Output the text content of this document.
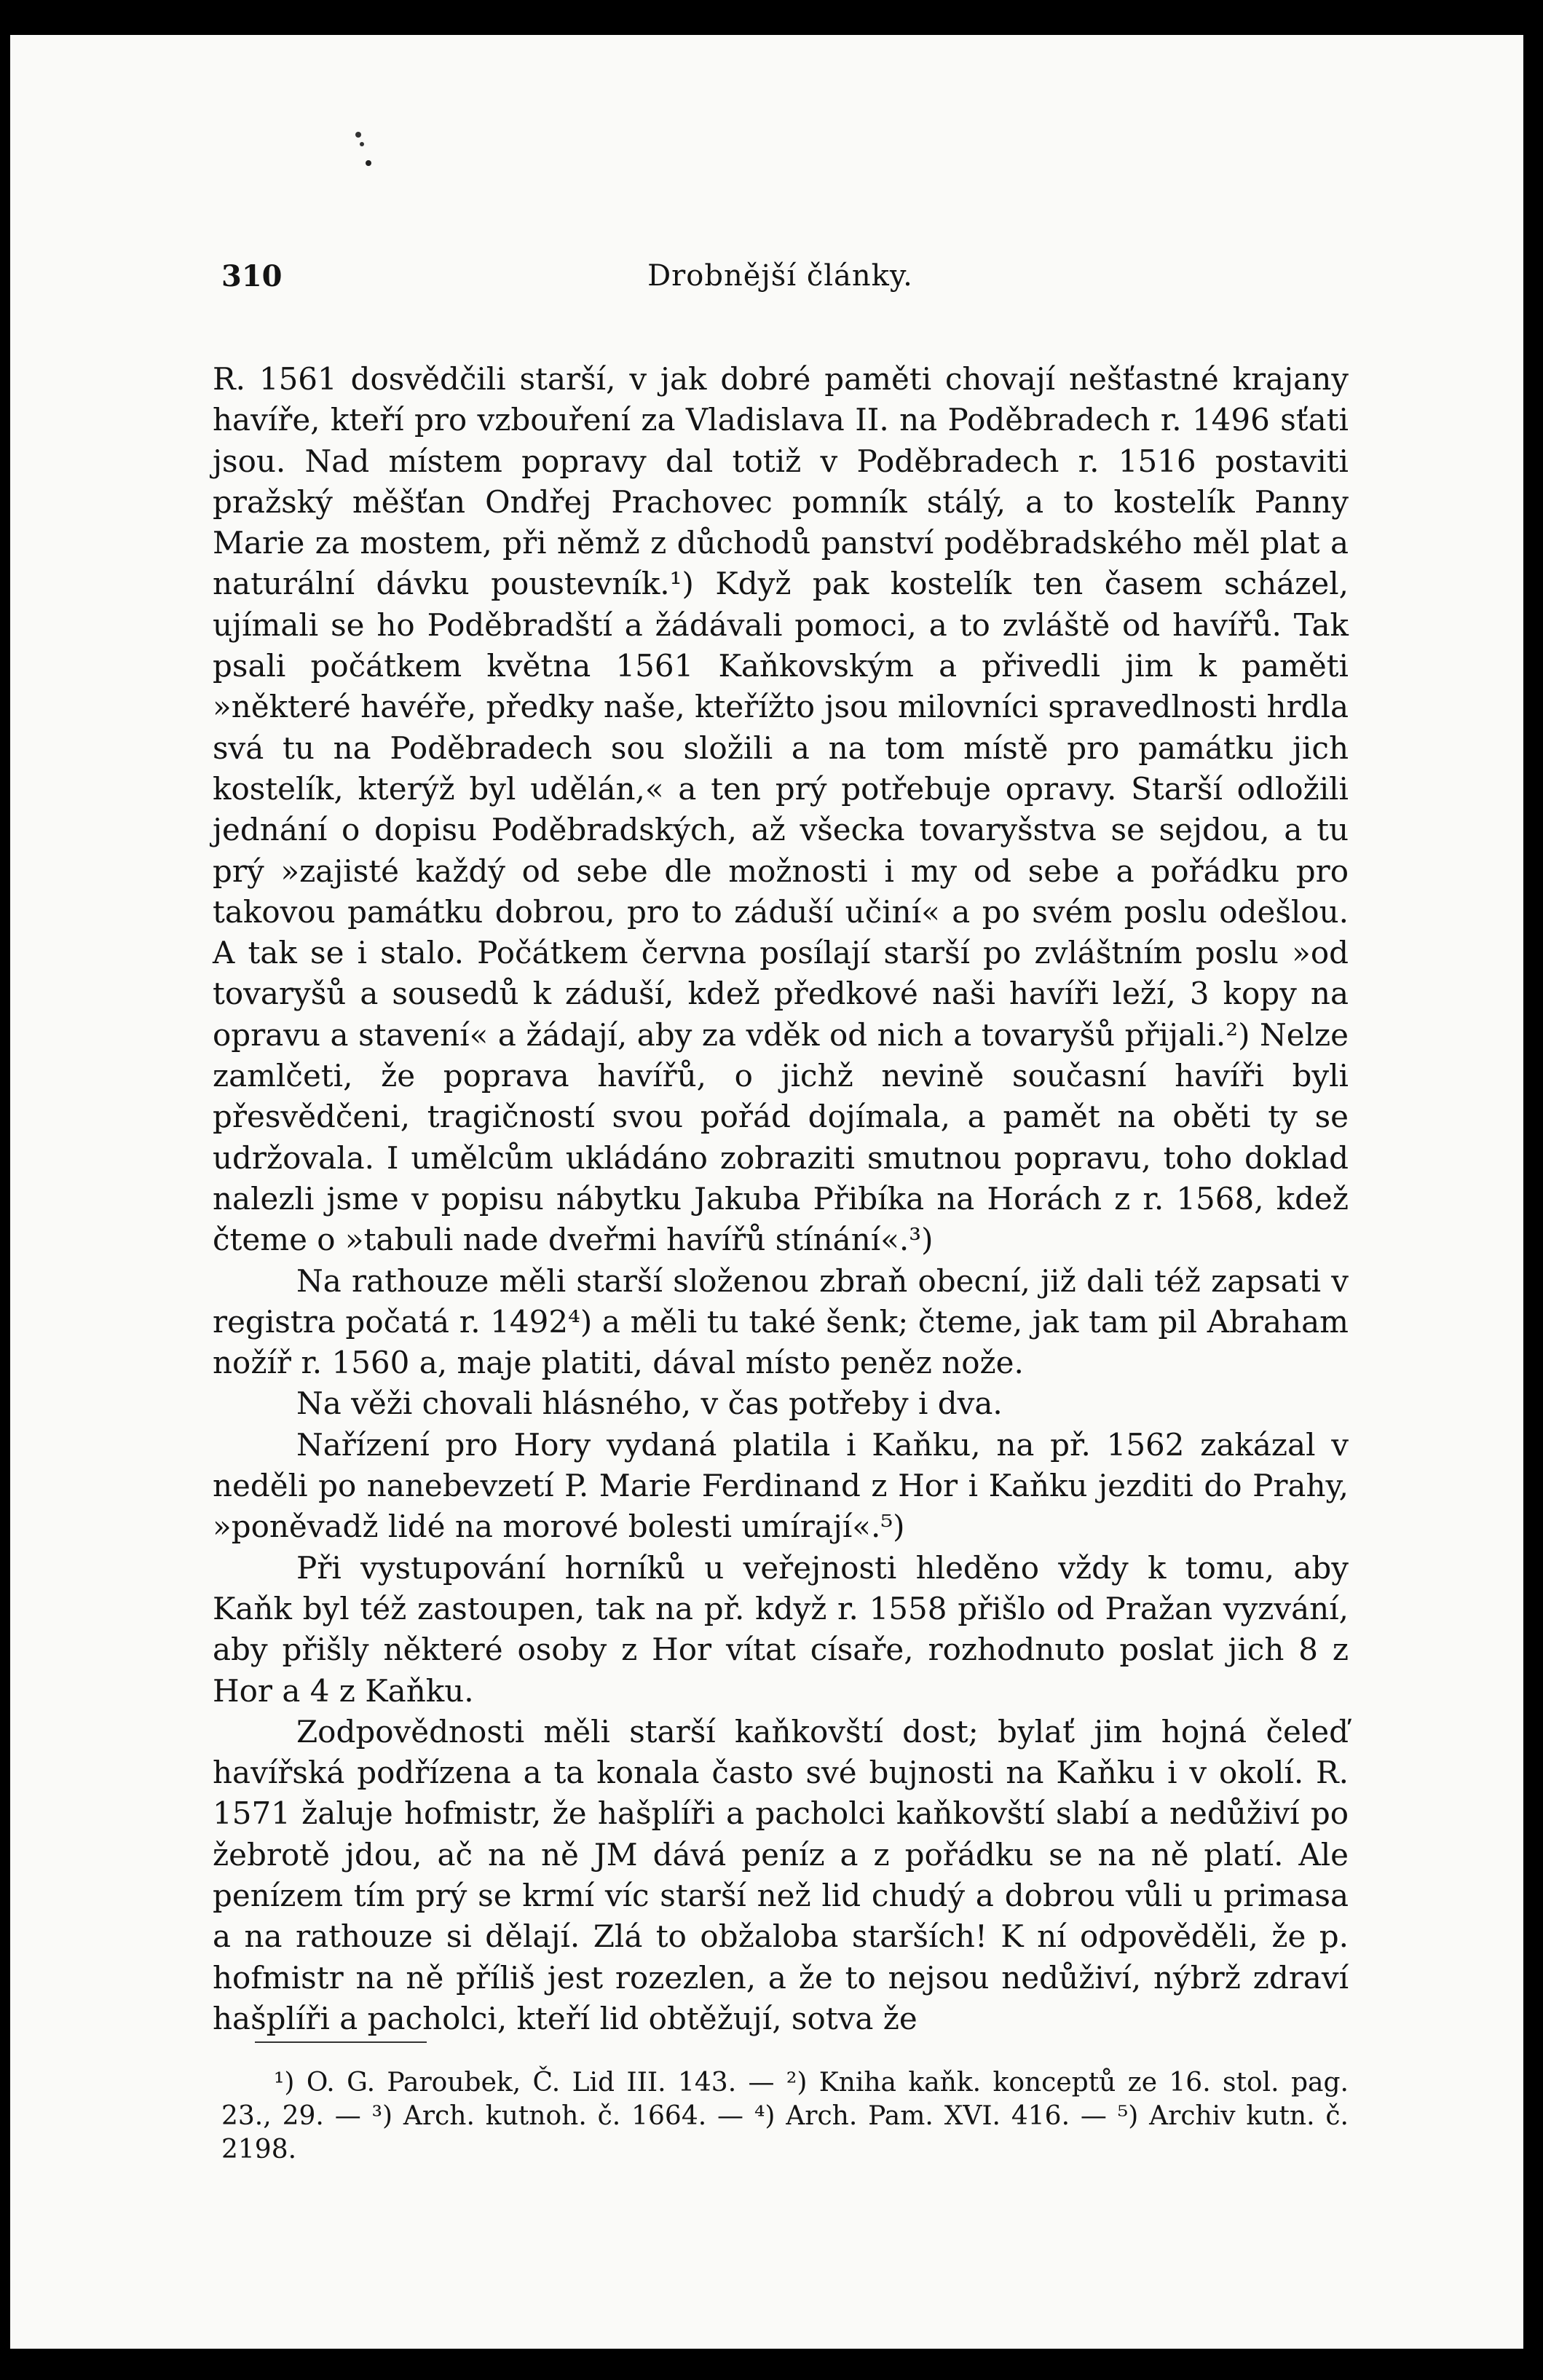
310	Drobnější články.

R. 1561 dosvědčili starší, v jak dobré paměti chovají nešťastné krajany havíře, kteří pro vzbouření za Vladislava II. na Poděbradech r. 1496 sťati jsou. Nad místem popravy dal totiž v Poděbradech r. 1516 postaviti pražský měšťan Ondřej Prachovec pomník stálý, a to kostelík Panny Marie za mostem, při němž z důchodů panství poděbradského měl plat a naturální dávku poustevník.¹) Když pak kostelík ten časem scházel, ujímali se ho Poděbradští a žádávali pomoci, a to zvláště od havířů. Tak psali počátkem května 1561 Kaňkovským a přivedli jim k paměti »některé havéře, předky naše, kteřížto jsou milovníci spravedlnosti hrdla svá tu na Poděbradech sou složili a na tom místě pro památku jich kostelík, kterýž byl udělán,« a ten prý potřebuje opravy. Starší odložili jednání o dopisu Poděbradských, až všecka tovaryšstva se sejdou, a tu prý »zajisté každý od sebe dle možnosti i my od sebe a pořádku pro takovou památku dobrou, pro to záduší učiní« a po svém poslu odešlou. A tak se i stalo. Počátkem června posílají starší po zvláštním poslu »od tovaryšů a sousedů k záduší, kdež předkové naši havíři leží, 3 kopy na opravu a stavení« a žádají, aby za vděk od nich a tovaryšů přijali.²) Nelze zamlčeti, že poprava havířů, o jichž nevině současní havíři byli přesvědčeni, tragičností svou pořád dojímala, a pamět na oběti ty se udržovala. I umělcům ukládáno zobraziti smutnou popravu, toho doklad nalezli jsme v popisu nábytku Jakuba Přibíka na Horách z r. 1568, kdež čteme o »tabuli nade dveřmi havířů stínání«.³)

Na rathouze měli starší složenou zbraň obecní, již dali též zapsati v registra počatá r. 1492⁴) a měli tu také šenk; čteme, jak tam pil Abraham nožíř r. 1560 a, maje platiti, dával místo peněz nože.

Na věži chovali hlásného, v čas potřeby i dva.

Nařízení pro Hory vydaná platila i Kaňku, na př. 1562 zakázal v neděli po nanebevzetí P. Marie Ferdinand z Hor i Kaňku jezditi do Prahy, »poněvadž lidé na morové bolesti umírají«.⁵)

Při vystupování horníků u veřejnosti hleděno vždy k tomu, aby Kaňk byl též zastoupen, tak na př. když r. 1558 přišlo od Pražan vyzvání, aby přišly některé osoby z Hor vítat císaře, rozhodnuto poslat jich 8 z Hor a 4 z Kaňku.

Zodpovědnosti měli starší kaňkovští dost; bylať jim hojná čeleď havířská podřízena a ta konala často své bujnosti na Kaňku i v okolí. R. 1571 žaluje hofmistr, že hašplíři a pacholci kaňkovští slabí a nedůživí po žebrotě jdou, ač na ně JM dává peníz a z pořádku se na ně platí. Ale penízem tím prý se krmí víc starší než lid chudý a dobrou vůli u primasa a na rathouze si dělají. Zlá to obžaloba starších! K ní odpověděli, že p. hofmistr na ně příliš jest rozezlen, a že to nejsou nedůživí, nýbrž zdraví hašplíři a pacholci, kteří lid obtěžují, sotva že

¹) O. G. Paroubek, Č. Lid III. 143. — ²) Kniha kaňk. konceptů ze 16. stol. pag. 23., 29. — ³) Arch. kutnoh. č. 1664. — ⁴) Arch. Pam. XVI. 416. — ⁵) Archiv kutn. č. 2198.
